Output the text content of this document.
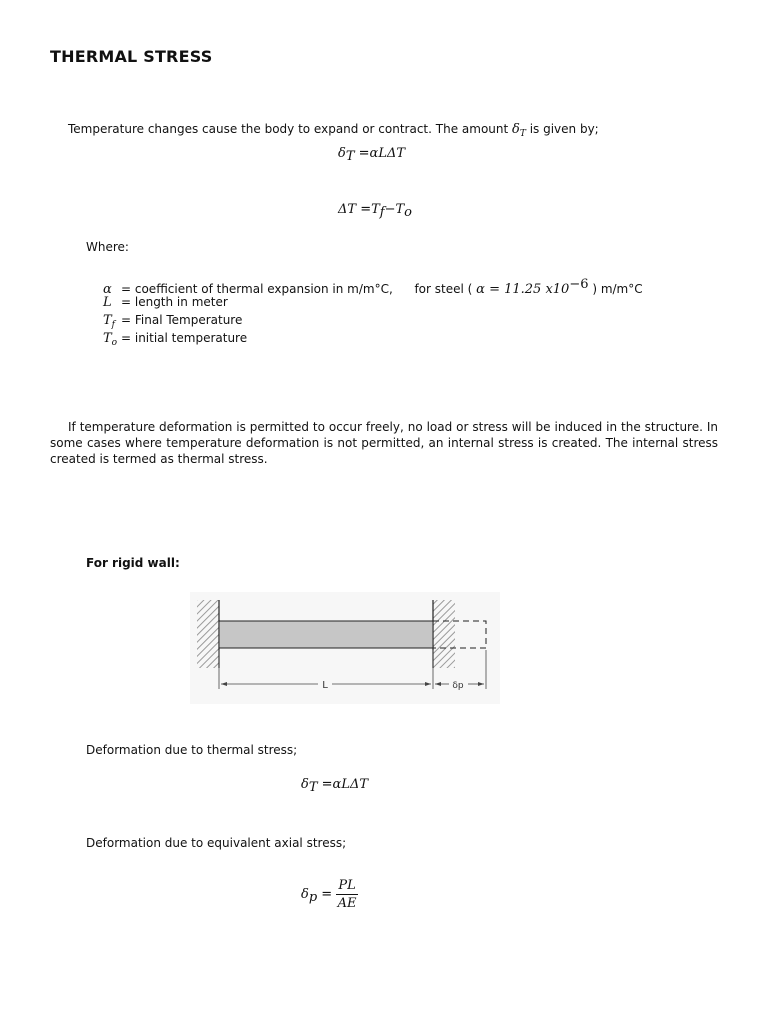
THERMAL STRESS
Temperature changes cause the body to expand or contract. The amount $\delta_T$ is given by;
$\delta_T =\alpha L\Delta T$
$\Delta T =T_f-T_o$
Where:
α = coefficient of thermal expansion in m/m°C, for steel ( α = 11.25 $x10^{-6}$ ) m/m°C
L = length in meter
$T_f$ = Final Temperature
$T_o$ = initial temperature
If temperature deformation is permitted to occur freely, no load or stress will be induced in the structure. In some cases where temperature deformation is not permitted, an internal stress is created. The internal stress created is termed as thermal stress.
For rigid wall:
L	δp
Deformation due to thermal stress;
$\delta_T =\alpha L\Delta T$
Deformation due to equivalent axial stress;
$\delta_p = \frac{PL}{AE}$
